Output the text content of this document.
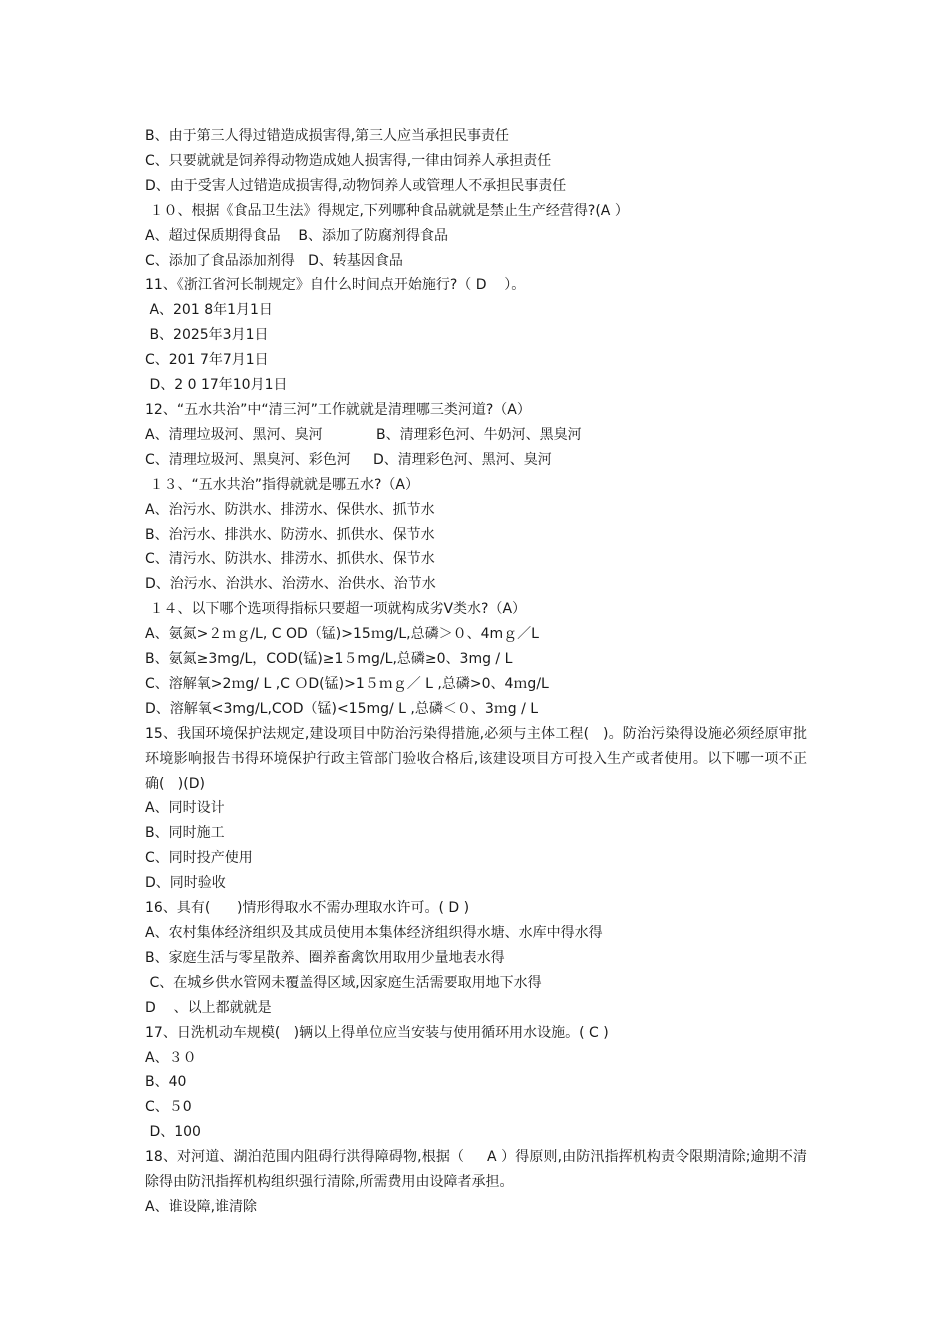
B、由于第三人得过错造成损害得,第三人应当承担民事责任
C、只要就就是饲养得动物造成她人损害得,一律由饲养人承担责任
D、由于受害人过错造成损害得,动物饲养人或管理人不承担民事责任
１０、根据《食品卫生法》得规定,下列哪种食品就就是禁止生产经营得?(A ）
A、超过保质期得食品    B、添加了防腐剂得食品
C、添加了食品添加剂得   D、转基因食品
11、《浙江省河长制规定》自什么时间点开始施行?（ D    ）。
A、201 8年1月1日
B、2025年3月1日
C、201 7年7月1日
D、2 0 17年10月1日
12、“五水共治”中“清三河”工作就就是清理哪三类河道?（A）
A、清理垃圾河、黑河、臭河            B、清理彩色河、牛奶河、黑臭河
C、清理垃圾河、黑臭河、彩色河     D、清理彩色河、黑河、臭河
１３、“五水共治”指得就就是哪五水?（A）
A、治污水、防洪水、排涝水、保供水、抓节水
B、治污水、排洪水、防涝水、抓供水、保节水
C、清污水、防洪水、排涝水、抓供水、保节水
D、治污水、治洪水、治涝水、治供水、治节水
１４、以下哪个选项得指标只要超一项就构成劣Ⅴ类水?（A）
A、氨氮>２ｍｇ/L, C OD（锰)>15ｍg/L,总磷＞０、4mｇ／L
B、氨氮≥3mg/L，COD(锰)≥1５mg/L,总磷≥0、3mg / L
C、溶解氧>2ｍg/ L ,C ＯD(锰)>1５ｍｇ／ L ,总磷>0、4ｍg/L
D、溶解氧<3mg/L,COD（锰)<15mg/ L ,总磷＜０、3ｍg / L
15、我国环境保护法规定,建设项目中防治污染得措施,必须与主体工程(   )。防治污染得设施必须经原审批环境影响报告书得环境保护行政主管部门验收合格后,该建设项目方可投入生产或者使用。以下哪一项不正确(   )(D)
A、同时设计
B、同时施工
C、同时投产使用
D、同时验收
16、具有(      )情形得取水不需办理取水许可。( D )
A、农村集体经济组织及其成员使用本集体经济组织得水塘、水库中得水得
B、家庭生活与零星散养、圈养畜禽饮用取用少量地表水得
C、在城乡供水管网未覆盖得区域,因家庭生活需要取用地下水得
D    、以上都就就是
17、日洗机动车规模(   )辆以上得单位应当安装与使用循环用水设施。( C )
A、３０
B、40
C、５0
D、100
18、对河道、湖泊范围内阻碍行洪得障碍物,根据（     A ）得原则,由防汛指挥机构责令限期清除;逾期不清除得由防汛指挥机构组织强行清除,所需费用由设障者承担。
A、谁设障,谁清除
